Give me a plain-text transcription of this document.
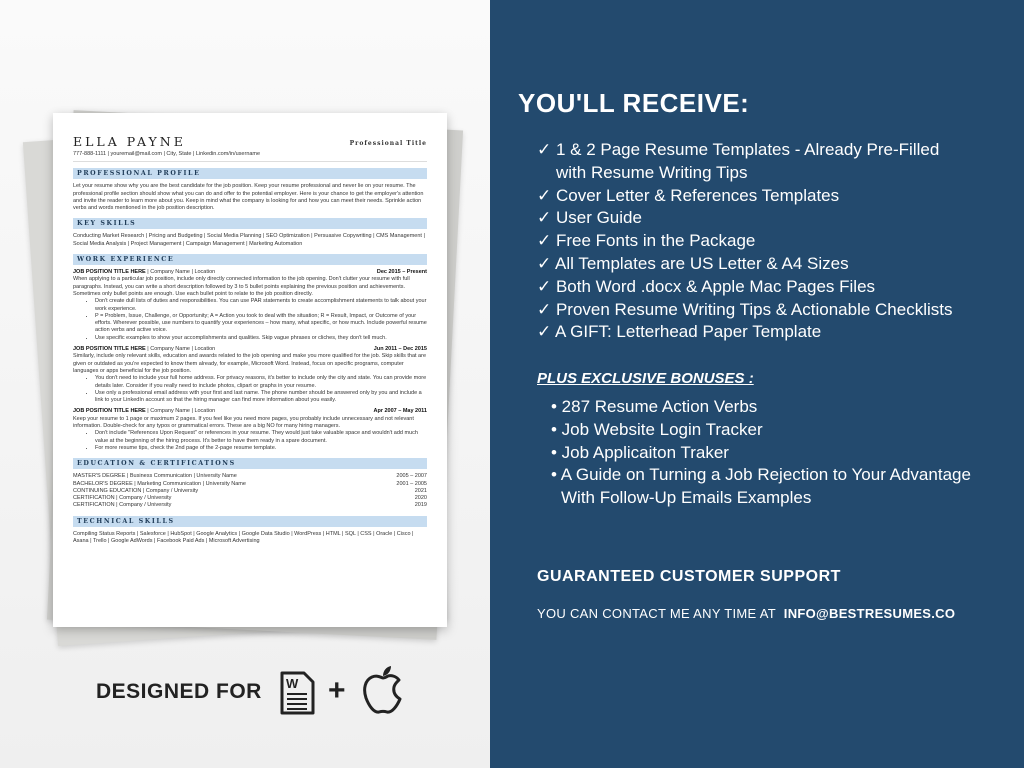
ELLA PAYNE	Professional Title
777-888-1111 | youremail@mail.com | City, State | Linkedin.com/in/username
PROFESSIONAL PROFILE
Let your resume show why you are the best candidate for the job position. Keep your resume professional and never lie on your resume. The professional profile section should show what you can do and offer to the potential employer. Here is your chance to get the employer's attention and invite the reader to learn more about you. Keep in mind what the company is looking for and how you can meet their needs. Sprinkle action verbs and words mentioned in the job position description.
KEY SKILLS
Conducting Market Research | Pricing and Budgeting | Social Media Planning | SEO Optimization | Persuasive Copywriting | CMS Management | Social Media Analysis | Project Management | Campaign Management | Marketing Automation
WORK EXPERIENCE
JOB POSITION TITLE HERE | Company Name | Location	Dec 2015 – Present
When applying to a particular job position, include only directly connected information to the job opening. Don't clutter your resume with full paragraphs. Instead, you can write a short description followed by 3 to 5 bullet points explaining the previous position and achievements. Sometimes only bullet points are enough. Use each bullet point to relate to the job position directly.
• Don't create dull lists of duties and responsibilities. You can use PAR statements to create accomplishment statements to talk about your work experience.
• P = Problem, Issue, Challenge, or Opportunity; A = Action you took to deal with the situation; R = Result, Impact, or Outcome of your efforts. Wherever possible, use numbers to quantify your experiences – how many, what specific, or how much. Include powerful resume action verbs and active voice.
• Use specific examples to show your accomplishments and qualities. Skip vague phrases or cliches, they don't tell much.
JOB POSITION TITLE HERE | Company Name | Location	Jun 2011 – Dec 2015
Similarly, include only relevant skills, education and awards related to the job opening and make you more qualified for the job. Skip skills that are given or outdated as you're expected to know them already, for example, Microsoft Word. Instead, focus on specific programs, computer languages or apps beneficial for the job position.
• You don't need to include your full home address. For privacy reasons, it's better to include only the city and state. You can provide more details later. Consider if you really need to include photos, clipart or graphs in your resume.
• Use only a professional email address with your first and last name. The phone number should be answered only by you and include a link to your LinkedIn account so that the hiring manager can find more information about you easily.
JOB POSITION TITLE HERE | Company Name | Location	Apr 2007 – May 2011
Keep your resume to 1 page or maximum 2 pages. If you feel like you need more pages, you probably include unnecessary and not relevant information. Double-check for any typos or grammatical errors. These are a big NO for many hiring managers.
• Don't include "References Upon Request" or references in your resume. They would just take valuable space and wouldn't add much value at the beginning of the hiring process. It's better to have them ready in a spare document.
• For more resume tips, check the 2nd page of the 2-page resume template.
EDUCATION & CERTIFICATIONS
MASTER'S DEGREE | Business Communication | University Name	2005 – 2007
BACHELOR'S DEGREE | Marketing Communication | University Name	2001 – 2005
CONTINUING EDUCATION | Company / University	2021
CERTIFICATION | Company / University	2020
CERTIFICATION | Company / University	2019
TECHNICAL SKILLS
Compiling Status Reports | Salesforce | HubSpot | Google Analytics | Google Data Studio | WordPress | HTML | SQL | CSS | Oracle | Cisco | Asana | Trello | Google AdWords | Facebook Paid Ads | Microsoft Advertising
DESIGNED FOR W +
YOU'LL RECEIVE:
✓ 1 & 2 Page Resume Templates - Already Pre-Filled
with Resume Writing Tips
✓ Cover Letter & References Templates
✓ User Guide
✓ Free Fonts in the Package
✓ All Templates are US Letter & A4 Sizes
✓ Both Word .docx & Apple Mac Pages Files
✓ Proven Resume Writing Tips & Actionable Checklists
✓ A GIFT: Letterhead Paper Template
PLUS EXCLUSIVE BONUSES :
• 287 Resume Action Verbs
• Job Website Login Tracker
• Job Applicaiton Traker
• A Guide on Turning a Job Rejection to Your Advantage
With Follow-Up Emails Examples
GUARANTEED CUSTOMER SUPPORT
YOU CAN CONTACT ME ANY TIME AT INFO@BESTRESUMES.CO
